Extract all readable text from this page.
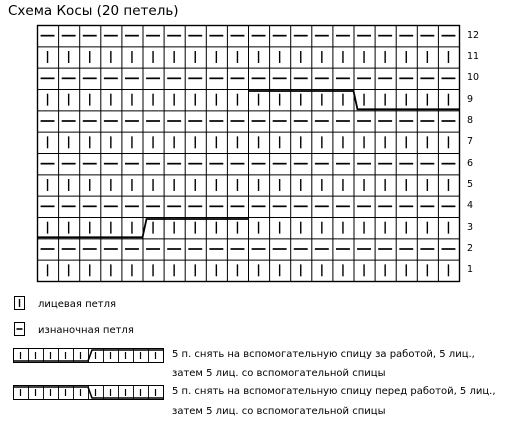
Схема Косы (20 петель)
1
2
3
4
5
6
7
8
9
10
11
12
лицевая петля
изнаночная петля
5 п. снять на вспомогательную спицу за работой, 5 лиц.,
затем 5 лиц. со вспомогательной спицы
5 п. снять на вспомогательную спицу перед работой, 5 лиц.,
затем 5 лиц. со вспомогательной спицы
